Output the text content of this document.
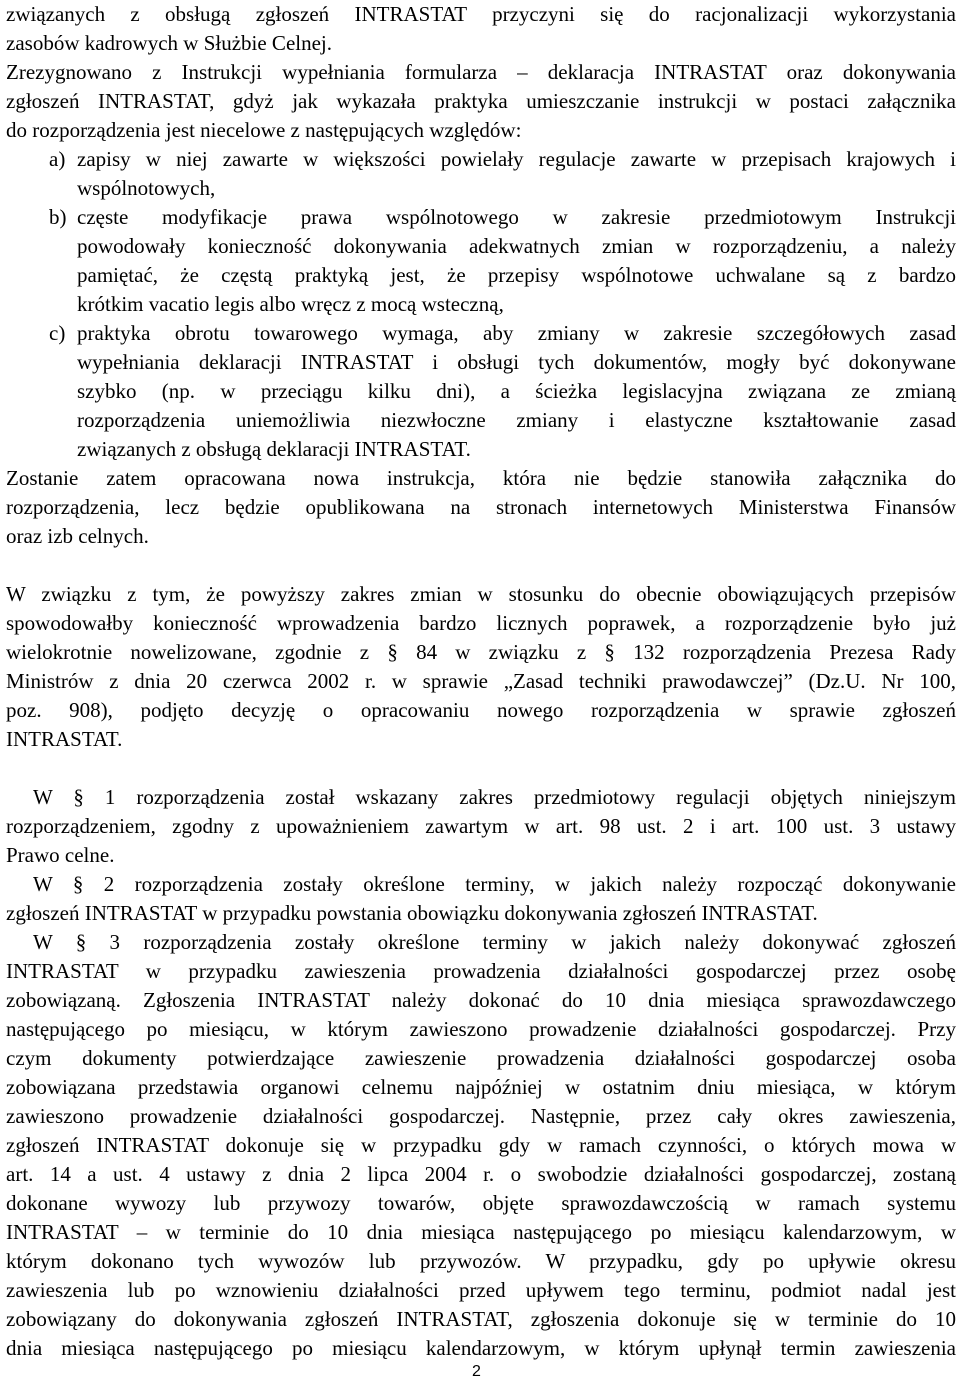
związanych z obsługą zgłoszeń INTRASTAT przyczyni się do racjonalizacji wykorzystania
zasobów kadrowych w Służbie Celnej.
Zrezygnowano z Instrukcji wypełniania formularza – deklaracja INTRASTAT oraz dokonywania
zgłoszeń INTRASTAT, gdyż jak wykazała praktyka umieszczanie instrukcji w postaci załącznika
do rozporządzenia jest niecelowe z następujących względów:
a) zapisy w niej zawarte w większości powielały regulacje zawarte w przepisach krajowych i
wspólnotowych,
b) częste modyfikacje prawa wspólnotowego w zakresie przedmiotowym Instrukcji
powodowały konieczność dokonywania adekwatnych zmian w rozporządzeniu, a należy
pamiętać, że częstą praktyką jest, że przepisy wspólnotowe uchwalane są z bardzo
krótkim vacatio legis albo wręcz z mocą wsteczną,
c) praktyka obrotu towarowego wymaga, aby zmiany w zakresie szczegółowych zasad
wypełniania deklaracji INTRASTAT i obsługi tych dokumentów, mogły być dokonywane
szybko (np. w przeciągu kilku dni), a ścieżka legislacyjna związana ze zmianą
rozporządzenia uniemożliwia niezwłoczne zmiany i elastyczne kształtowanie zasad
związanych z obsługą deklaracji INTRASTAT.
Zostanie zatem opracowana nowa instrukcja, która nie będzie stanowiła załącznika do
rozporządzenia, lecz będzie opublikowana na stronach internetowych Ministerstwa Finansów
oraz izb celnych.
W związku z tym, że powyższy zakres zmian w stosunku do obecnie obowiązujących przepisów
spowodowałby konieczność wprowadzenia bardzo licznych poprawek, a rozporządzenie było już
wielokrotnie nowelizowane, zgodnie z § 84 w związku z § 132 rozporządzenia Prezesa Rady
Ministrów z dnia 20 czerwca 2002 r. w sprawie „Zasad techniki prawodawczej” (Dz.U. Nr 100,
poz. 908), podjęto decyzję o opracowaniu nowego rozporządzenia w sprawie zgłoszeń
INTRASTAT.
W § 1 rozporządzenia został wskazany zakres przedmiotowy regulacji objętych niniejszym
rozporządzeniem, zgodny z upoważnieniem zawartym w art. 98 ust. 2 i art. 100 ust. 3 ustawy
Prawo celne.
W § 2 rozporządzenia zostały określone terminy, w jakich należy rozpocząć dokonywanie
zgłoszeń INTRASTAT w przypadku powstania obowiązku dokonywania zgłoszeń INTRASTAT.
W § 3 rozporządzenia zostały określone terminy w jakich należy dokonywać zgłoszeń
INTRASTAT w przypadku zawieszenia prowadzenia działalności gospodarczej przez osobę
zobowiązaną. Zgłoszenia INTRASTAT należy dokonać do 10 dnia miesiąca sprawozdawczego
następującego po miesiącu, w którym zawieszono prowadzenie działalności gospodarczej. Przy
czym dokumenty potwierdzające zawieszenie prowadzenia działalności gospodarczej osoba
zobowiązana przedstawia organowi celnemu najpóźniej w ostatnim dniu miesiąca, w którym
zawieszono prowadzenie działalności gospodarczej. Następnie, przez cały okres zawieszenia,
zgłoszeń INTRASTAT dokonuje się w przypadku gdy w ramach czynności, o których mowa w
art. 14 a ust. 4 ustawy z dnia 2 lipca 2004 r. o swobodzie działalności gospodarczej, zostaną
dokonane wywozy lub przywozy towarów, objęte sprawozdawczością w ramach systemu
INTRASTAT – w terminie do 10 dnia miesiąca następującego po miesiącu kalendarzowym, w
którym dokonano tych wywozów lub przywozów. W przypadku, gdy po upływie okresu
zawieszenia lub po wznowieniu działalności przed upływem tego terminu, podmiot nadal jest
zobowiązany do dokonywania zgłoszeń INTRASTAT, zgłoszenia dokonuje się w terminie do 10
dnia miesiąca następującego po miesiącu kalendarzowym, w którym upłynął termin zawieszenia
2
